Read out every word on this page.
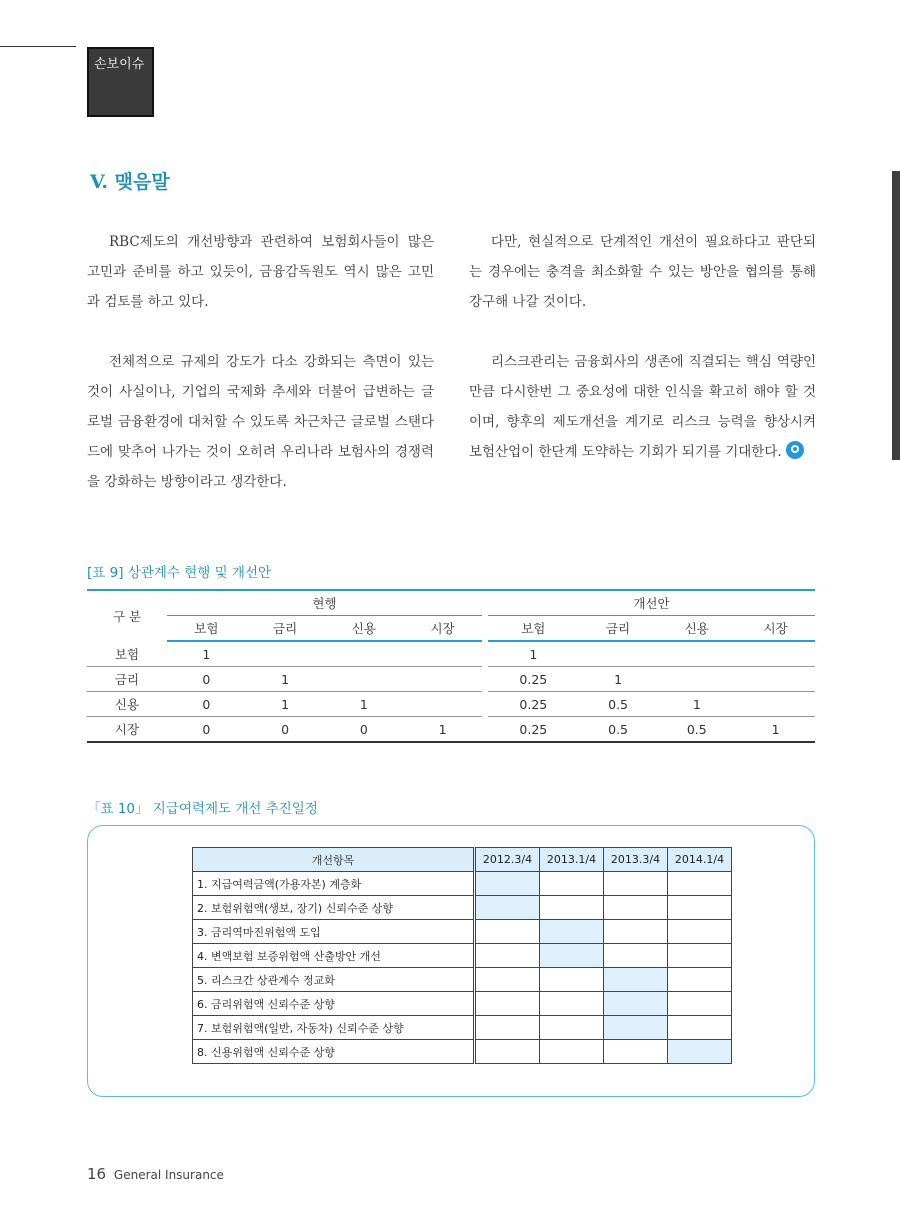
손보이슈
V. 맺음말

RBC제도의 개선방향과 관련하여 보험회사들이 많은 고민과 준비를 하고 있듯이, 금융감독원도 역시 많은 고민과 검토를 하고 있다.

전체적으로 규제의 강도가 다소 강화되는 측면이 있는 것이 사실이나, 기업의 국제화 추세와 더불어 급변하는 글로벌 금융환경에 대처할 수 있도록 차근차근 글로벌 스탠다드에 맞추어 나가는 것이 오히려 우리나라 보험사의 경쟁력을 강화하는 방향이라고 생각한다.

다만, 현실적으로 단계적인 개선이 필요하다고 판단되는 경우에는 충격을 최소화할 수 있는 방안을 협의를 통해 강구해 나갈 것이다.

리스크관리는 금융회사의 생존에 직결되는 핵심 역량인 만큼 다시한번 그 중요성에 대한 인식을 확고히 해야 할 것이며, 향후의 제도개선을 계기로 리스크 능력을 향상시켜 보험산업이 한단계 도약하는 기회가 되기를 기대한다.

[표 9] 상관계수 현행 및 개선안
구 분	현행					개선안			
	보험	금리	신용	시장		보험	금리	신용	시장
보험	1					1			
금리	0	1				0.25	1		
신용	0	1	1			0.25	0.5	1	
시장	0	0	0	1		0.25	0.5	0.5	1
「표 10」 지급여력제도 개선 추진일정
개선항목	2012.3/4	2013.1/4	2013.3/4	2014.1/4
1. 지급여력금액(가용자본) 계층화				
2. 보험위험액(생보, 장기) 신뢰수준 상향				
3. 금리역마진위험액 도입				
4. 변액보험 보증위험액 산출방안 개선				
5. 리스크간 상관계수 정교화				
6. 금리위험액 신뢰수준 상향				
7. 보험위험액(일반, 자동차) 신뢰수준 상향				
8. 신용위험액 신뢰수준 상향				
16 General Insurance
